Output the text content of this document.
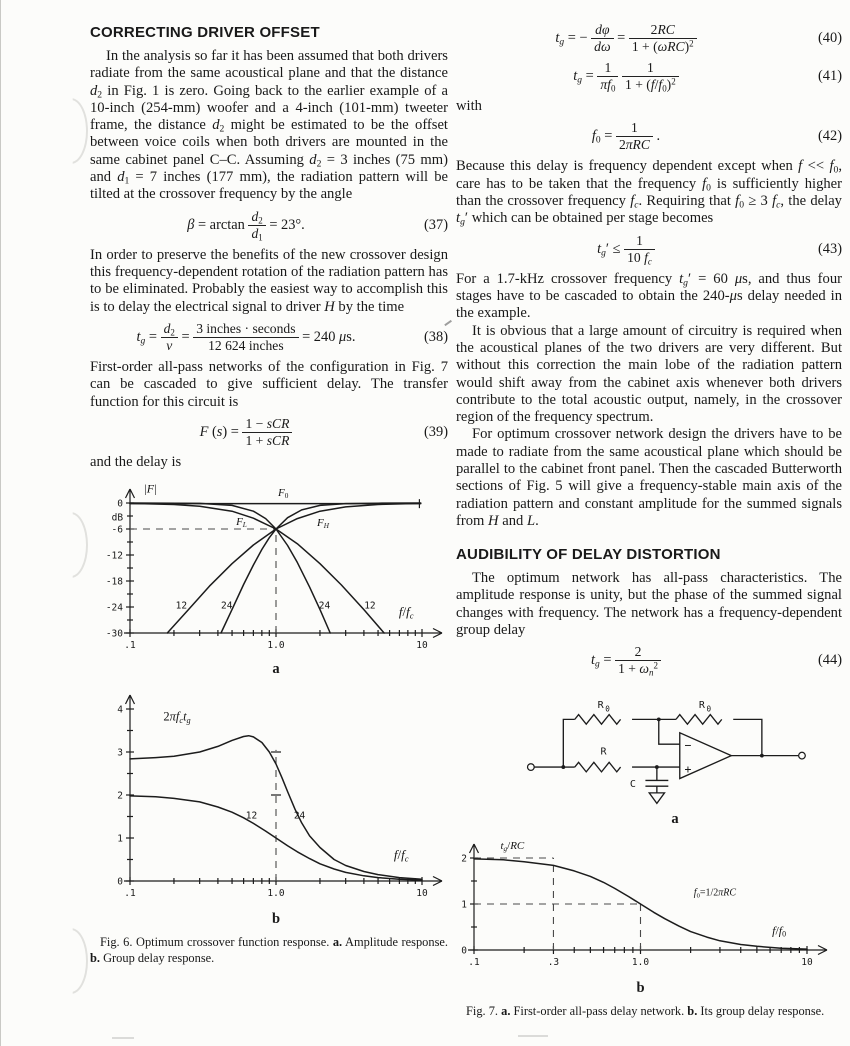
CORRECTING DRIVER OFFSET

In the analysis so far it has been assumed that both drivers radiate from the same acoustical plane and that the distance $d_2$ in Fig. 1 is zero. Going back to the earlier example of a 10-inch (254-mm) woofer and a 4-inch (101-mm) tweeter frame, the distance $d_2$ might be estimated to be the offset between voice coils when both drivers are mounted in the same cabinet panel C–C. Assuming $d_2 = 3$ inches (75 mm) and $d_1 = 7$ inches (177 mm), the radiation pattern will be tilted at the crossover frequency by the angle

$\beta = \arctan \frac{d_2}{d_1} = 23^\circ$.	(37)

In order to preserve the benefits of the new crossover design this frequency-dependent rotation of the radiation pattern has to be eliminated. Probably the easiest way to accomplish this is to delay the electrical signal to driver H by the time

$t_g = \frac{d_2}{v} = \frac{\text{3 inches · seconds}}{\text{12 624 inches}} = 240$ μs.	(38)

First-order all-pass networks of the configuration in Fig. 7 can be cascaded to give sufficient delay. The transfer function for this circuit is

F $(s) = \frac{\text{1 − sCR}}{\text{1 + sCR}}$	(39)

and the delay is

.1	1.0	10
0
-6
-12
-18
-24
-30
|F|
dB
$F_0$
$F_L$	$F_H$
12	24	24	12 $f/f_c$
a
.1	1.0	10
0
1
2
3
4	$2\pi f_ct_g$
12	24
$f/f_c$
b

Fig. 6. Optimum crossover function response. a. Amplitude response. b. Group delay response.

$t_g$ = − $\frac{d\varphi}{d\omega} = \frac{2RC}{1 + (\omega RC)^2}$	(40)
$t_g = \frac{1}{\pi f_0}$
$\frac{1}{1 + (f/f_0)^2}$	(41)

with

$f_0 = \frac{1}{\text{2πRC}}$ .	(42)

Because this delay is frequency dependent except when $f << f_0$, care has to be taken that the frequency $f_0$ is sufficiently higher than the crossover frequency $f_c$. Requiring that $f_0 \ge 3$ $f_c$, the delay $t_g'$ which can be obtained per stage becomes

$t_g' \le \frac{1}{10 f_c}$	(43)

For a 1.7-kHz crossover frequency $t_g' = 60$ μs, and thus four stages have to be cascaded to obtain the 240-μs delay needed in the example.

It is obvious that a large amount of circuitry is required when the acoustical planes of the two drivers are very different. But without this correction the main lobe of the radiation pattern would shift away from the cabinet axis whenever both drivers contribute to the total acoustic output, namely, in the crossover region of the frequency spectrum.

For optimum crossover network design the drivers have to be made to radiate from the same acoustical plane which should be parallel to the cabinet front panel. Then the cascaded Butterworth sections of Fig. 5 will give a frequency-stable main axis of the radiation pattern and constant amplitude for the summed signals from H and L.

AUDIBILITY OF DELAY DISTORTION

The optimum network has all-pass characteristics. The amplitude response is unity, but the phase of the summed signal changes with frequency. The network has a frequency-dependent group delay

$t_g = \frac{2}{1 + \omega_n^2}$	(44)
R 0	R 0
R
C
−
+
a
.1	.3	1.0	10
0
1
2
$t_g/RC$
$f_0=1/2\pi RC$
$f/f_0$
b

Fig. 7. a. First-order all-pass delay network. b. Its group delay response.
